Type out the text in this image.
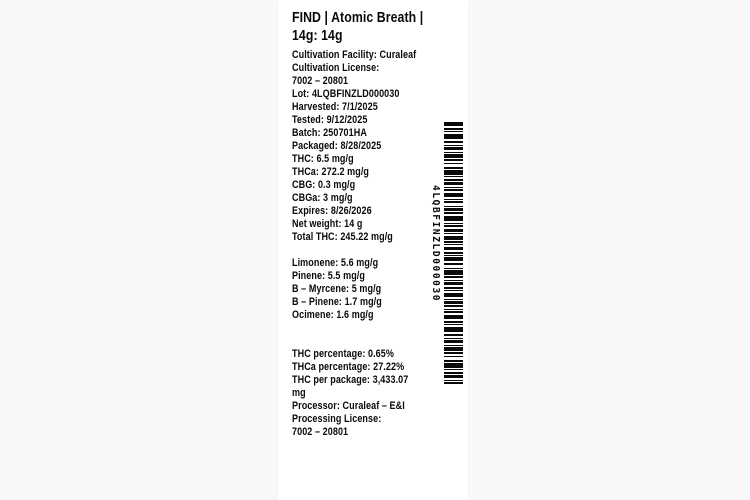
FIND | Atomic Breath |
14g: 14g
Cultivation Facility: Curaleaf
Cultivation License:
7002 – 20801
Lot: 4LQBFINZLD000030
Harvested: 7/1/2025
Tested: 9/12/2025
Batch: 250701HA
Packaged: 8/28/2025
THC: 6.5 mg/g
THCa: 272.2 mg/g
CBG: 0.3 mg/g
CBGa: 3 mg/g
Expires: 8/26/2026
Net weight: 14 g
Total THC: 245.22 mg/g
Limonene: 5.6 mg/g
Pinene: 5.5 mg/g
B – Myrcene: 5 mg/g
B – Pinene: 1.7 mg/g
Ocimene: 1.6 mg/g
THC percentage: 0.65%
THCa percentage: 27.22%
THC per package: 3,433.07
mg
Processor: Curaleaf – E&I
Processing License:
7002 – 20801
4LQBFINZLD000030
